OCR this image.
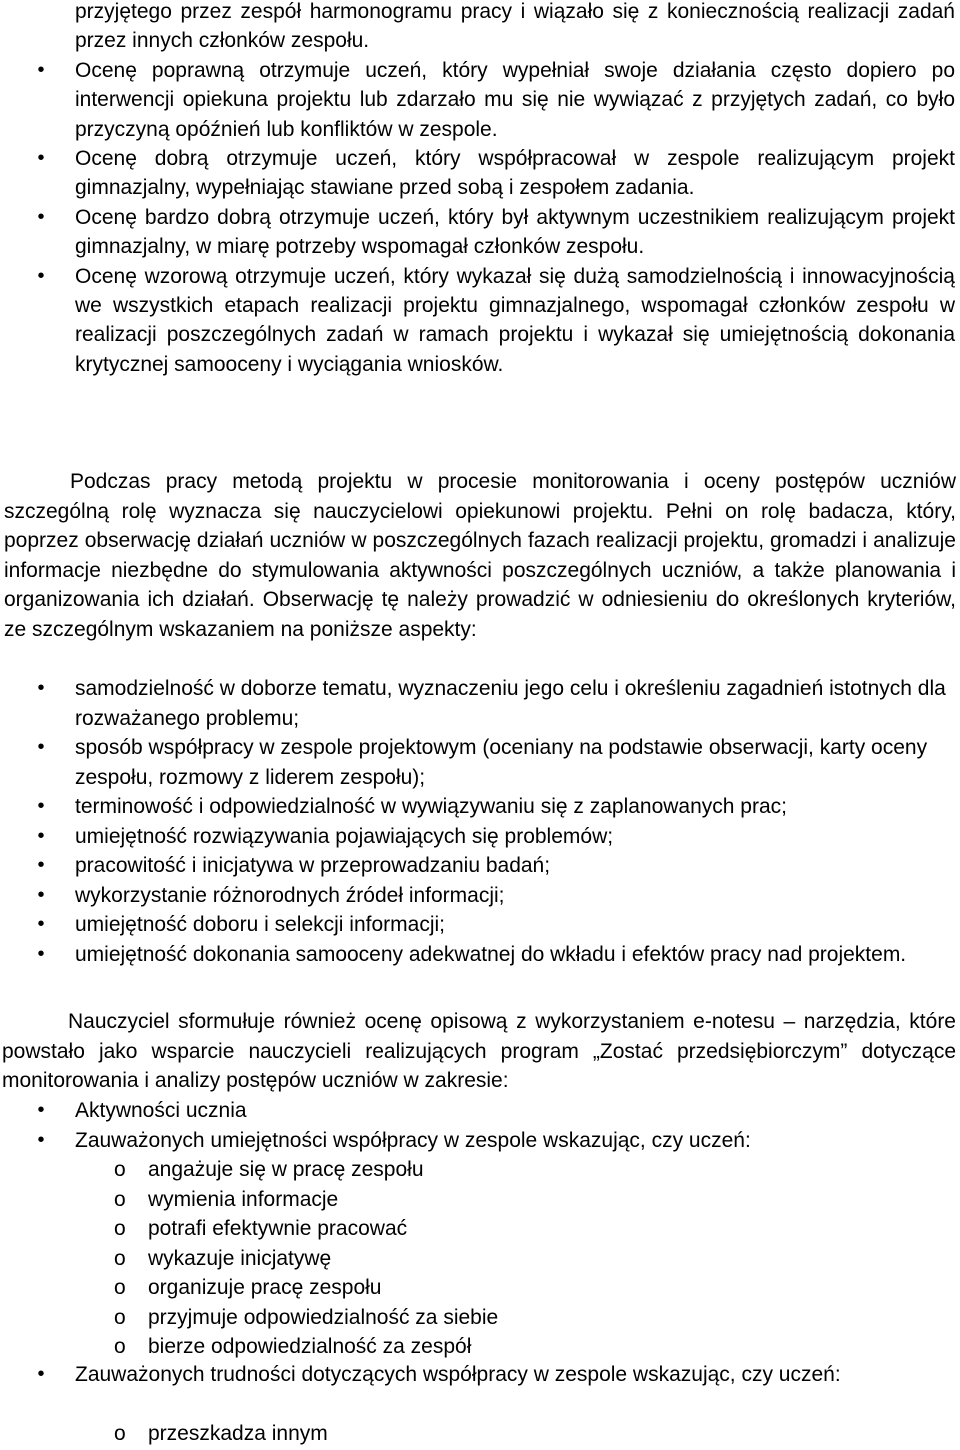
przyjętego przez zespół harmonogramu pracy i wiązało się z koniecznością realizacji zadań przez innych członków zespołu.
• Ocenę poprawną otrzymuje uczeń, który wypełniał swoje działania często dopiero po interwencji opiekuna projektu lub zdarzało mu się nie wywiązać z przyjętych zadań, co było przyczyną opóźnień lub konfliktów w zespole.
• Ocenę dobrą otrzymuje uczeń, który współpracował w zespole realizującym projekt gimnazjalny, wypełniając stawiane przed sobą i zespołem zadania.
• Ocenę bardzo dobrą otrzymuje uczeń, który był aktywnym uczestnikiem realizującym projekt gimnazjalny, w miarę potrzeby wspomagał członków zespołu.
• Ocenę wzorową otrzymuje uczeń, który wykazał się dużą samodzielnością i innowacyjnością we wszystkich etapach realizacji projektu gimnazjalnego, wspomagał członków zespołu w realizacji poszczególnych zadań w ramach projektu i wykazał się umiejętnością dokonania krytycznej samooceny i wyciągania wniosków.

Podczas pracy metodą projektu w procesie monitorowania i oceny postępów uczniów szczególną rolę wyznacza się nauczycielowi opiekunowi projektu. Pełni on rolę badacza, który, poprzez obserwację działań uczniów w poszczególnych fazach realizacji projektu, gromadzi i analizuje informacje niezbędne do stymulowania aktywności poszczególnych uczniów, a także planowania i organizowania ich działań. Obserwację tę należy prowadzić w odniesieniu do określonych kryteriów, ze szczególnym wskazaniem na poniższe aspekty:

• samodzielność w doborze tematu, wyznaczeniu jego celu i określeniu zagadnień istotnych dla rozważanego problemu;
• sposób współpracy w zespole projektowym (oceniany na podstawie obserwacji, karty oceny zespołu, rozmowy z liderem zespołu);
• terminowość i odpowiedzialność w wywiązywaniu się z zaplanowanych prac;
• umiejętność rozwiązywania pojawiających się problemów;
• pracowitość i inicjatywa w przeprowadzaniu badań;
• wykorzystanie różnorodnych źródeł informacji;
• umiejętność doboru i selekcji informacji;
• umiejętność dokonania samooceny adekwatnej do wkładu i efektów pracy nad projektem.

Nauczyciel sformułuje również ocenę opisową z wykorzystaniem e-notesu – narzędzia, które powstało jako wsparcie nauczycieli realizujących program „Zostać przedsiębiorczym” dotyczące monitorowania i analizy postępów uczniów w zakresie:

• Aktywności ucznia
• Zauważonych umiejętności współpracy w zespole wskazując, czy uczeń:
o angażuje się w pracę zespołu
o wymienia informacje
o potrafi efektywnie pracować
o wykazuje inicjatywę
o organizuje pracę zespołu
o przyjmuje odpowiedzialność za siebie
o bierze odpowiedzialność za zespół
• Zauważonych trudności dotyczących współpracy w zespole wskazując, czy uczeń:
o przeszkadza innym
